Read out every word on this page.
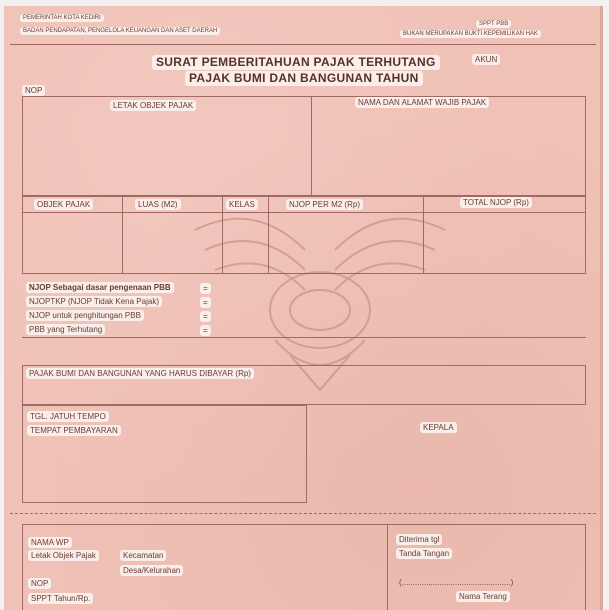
PEMERINTAH KOTA KEDIRI
BADAN PENDAPATAN, PENGELOLA KEUANGAN DAN ASET DAERAH
SPPT PBB
BUKAN MERUPAKAN BUKTI KEPEMILIKAN HAK
SURAT PEMBERITAHUAN PAJAK TERHUTANG
PAJAK BUMI DAN BANGUNAN TAHUN
AKUN
NOP
LETAK OBJEK PAJAK	NAMA DAN ALAMAT WAJIB PAJAK
OBJEK PAJAK	LUAS (M2)	KELAS	NJOP PER M2 (Rp)	TOTAL NJOP (Rp)
NJOP Sebagai dasar pengenaan PBB	=
NJOPTKP (NJOP Tidak Kena Pajak)	=
NJOP untuk penghitungan PBB	=
PBB yang Terhutang	=
PAJAK BUMI DAN BANGUNAN YANG HARUS DIBAYAR (Rp)
TGL. JATUH TEMPO
TEMPAT PEMBAYARAN	KEPALA
NAMA WP
Letak Objek Pajak	Kecamatan
Desa/Kelurahan
NOP
SPPT Tahun/Rp.
Diterima tgl
Tanda Tangan
(.................................................)
Nama Terang
